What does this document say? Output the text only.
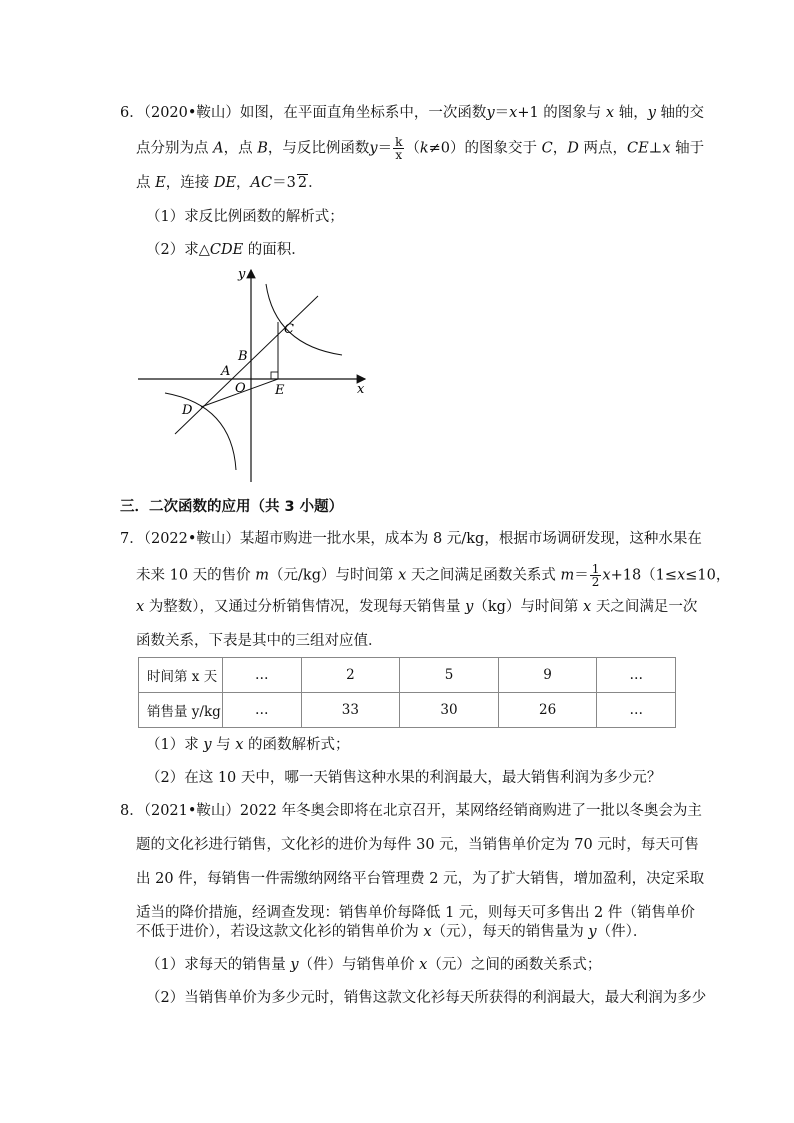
6．（2020•鞍山）如图，在平面直角坐标系中，一次函数y＝x+1 的图象与 x 轴，y 轴的交
点分别为点 A，点 B，与反比例函数$y= \frac{k}{x} (k\ne 0)$的图象交于 C，D 两点，CE⊥x 轴于
点 E，连接 DE，AC＝3 2．
（1）求反比例函数的解析式；
（2）求△CDE 的面积．
y
x
O
A
B
C
D
E
三．二次函数的应用（共 3 小题）
7．（2022•鞍山）某超市购进一批水果，成本为 8 元/kg，根据市场调研发现，这种水果在
未来 10 天的售价 m（元/kg）与时间第 x 天之间满足函数关系式 $m= \frac{1}{2} x+18(1\le x\le 10$，
x 为整数），又通过分析销售情况，发现每天销售量 y（kg）与时间第 x 天之间满足一次
函数关系，下表是其中的三组对应值．
时间第 x 天	…	2	5	9	…
销售量 y/kg	…	33	30	26	…
（1）求 y 与 x 的函数解析式；
（2）在这 10 天中，哪一天销售这种水果的利润最大，最大销售利润为多少元？
8．（2021•鞍山）2022 年冬奥会即将在北京召开，某网络经销商购进了一批以冬奥会为主
题的文化衫进行销售，文化衫的进价为每件 30 元，当销售单价定为 70 元时，每天可售
出 20 件，每销售一件需缴纳网络平台管理费 2 元，为了扩大销售，增加盈利，决定采取
适当的降价措施，经调查发现：销售单价每降低 1 元，则每天可多售出 2 件（销售单价
不低于进价），若设这款文化衫的销售单价为 x（元），每天的销售量为 y（件）．
（1）求每天的销售量 y（件）与销售单价 x（元）之间的函数关系式；
（2）当销售单价为多少元时，销售这款文化衫每天所获得的利润最大，最大利润为多少
